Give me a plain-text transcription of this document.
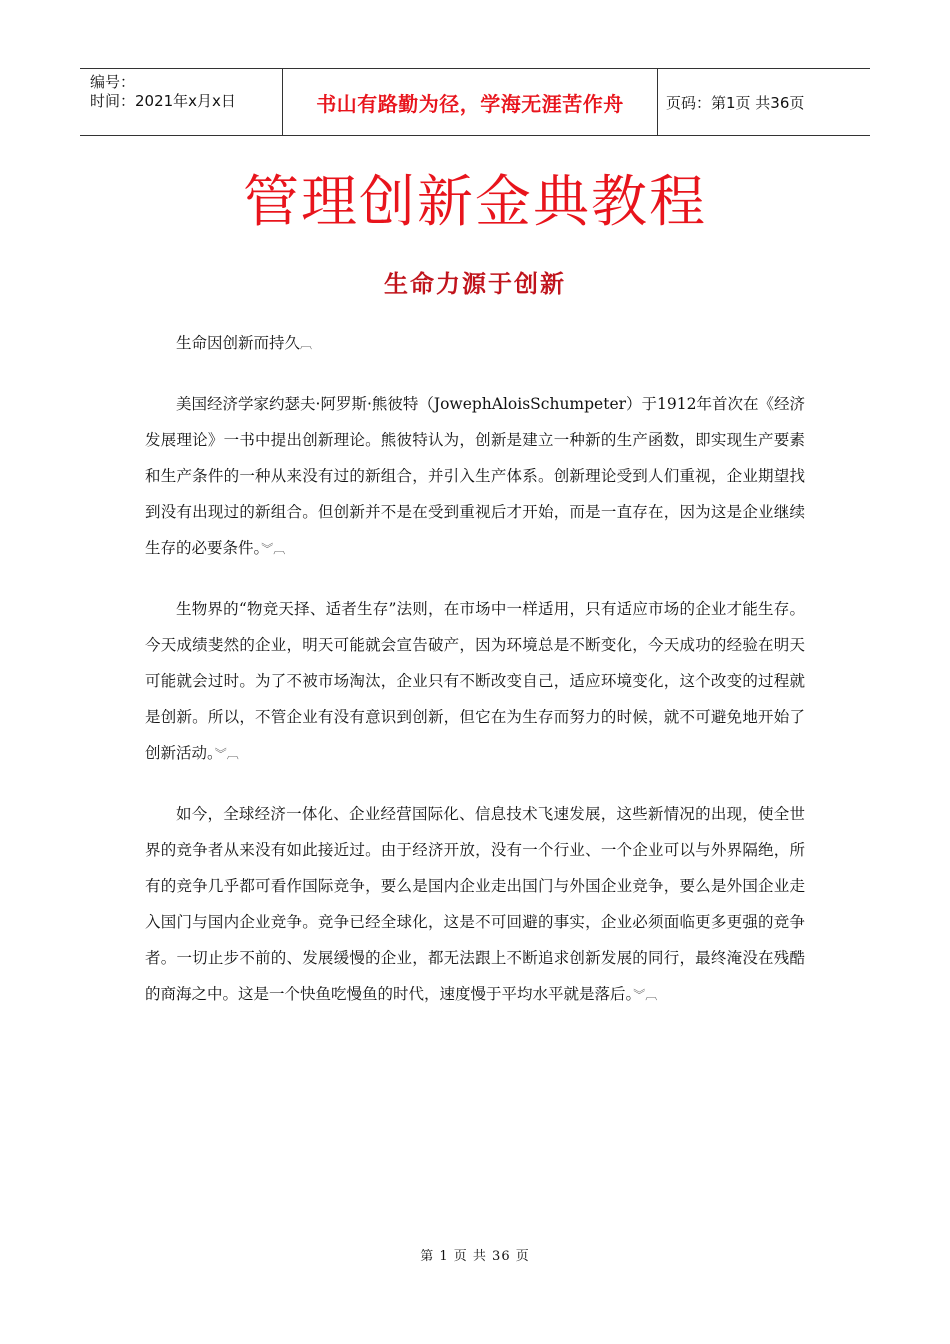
编号：
时间：2021年x月x日	书山有路勤为径，学海无涯苦作舟	页码：第1页 共36页
管理创新金典教程
生命力源于创新

生命因创新而持久︹

美国经济学家约瑟夫·阿罗斯·熊彼特（JowephAloisSchumpeter）于1912年首次在《经济发展理论》一书中提出创新理论。熊彼特认为，创新是建立一种新的生产函数，即实现生产要素和生产条件的一种从来没有过的新组合，并引入生产体系。创新理论受到人们重视，企业期望找到没有出现过的新组合。但创新并不是在受到重视后才开始，而是一直存在，因为这是企业继续生存的必要条件。︾︹

生物界的“物竞天择、适者生存”法则，在市场中一样适用，只有适应市场的企业才能生存。今天成绩斐然的企业，明天可能就会宣告破产，因为环境总是不断变化，今天成功的经验在明天可能就会过时。为了不被市场淘汰，企业只有不断改变自己，适应环境变化，这个改变的过程就是创新。所以，不管企业有没有意识到创新，但它在为生存而努力的时候，就不可避免地开始了创新活动。︾︹

如今，全球经济一体化、企业经营国际化、信息技术飞速发展，这些新情况的出现，使全世界的竞争者从来没有如此接近过。由于经济开放，没有一个行业、一个企业可以与外界隔绝，所有的竞争几乎都可看作国际竞争，要么是国内企业走出国门与外国企业竞争，要么是外国企业走入国门与国内企业竞争。竞争已经全球化，这是不可回避的事实，企业必须面临更多更强的竞争者。一切止步不前的、发展缓慢的企业，都无法跟上不断追求创新发展的同行，最终淹没在残酷的商海之中。这是一个快鱼吃慢鱼的时代，速度慢于平均水平就是落后。︾︹

第 1 页 共 36 页
